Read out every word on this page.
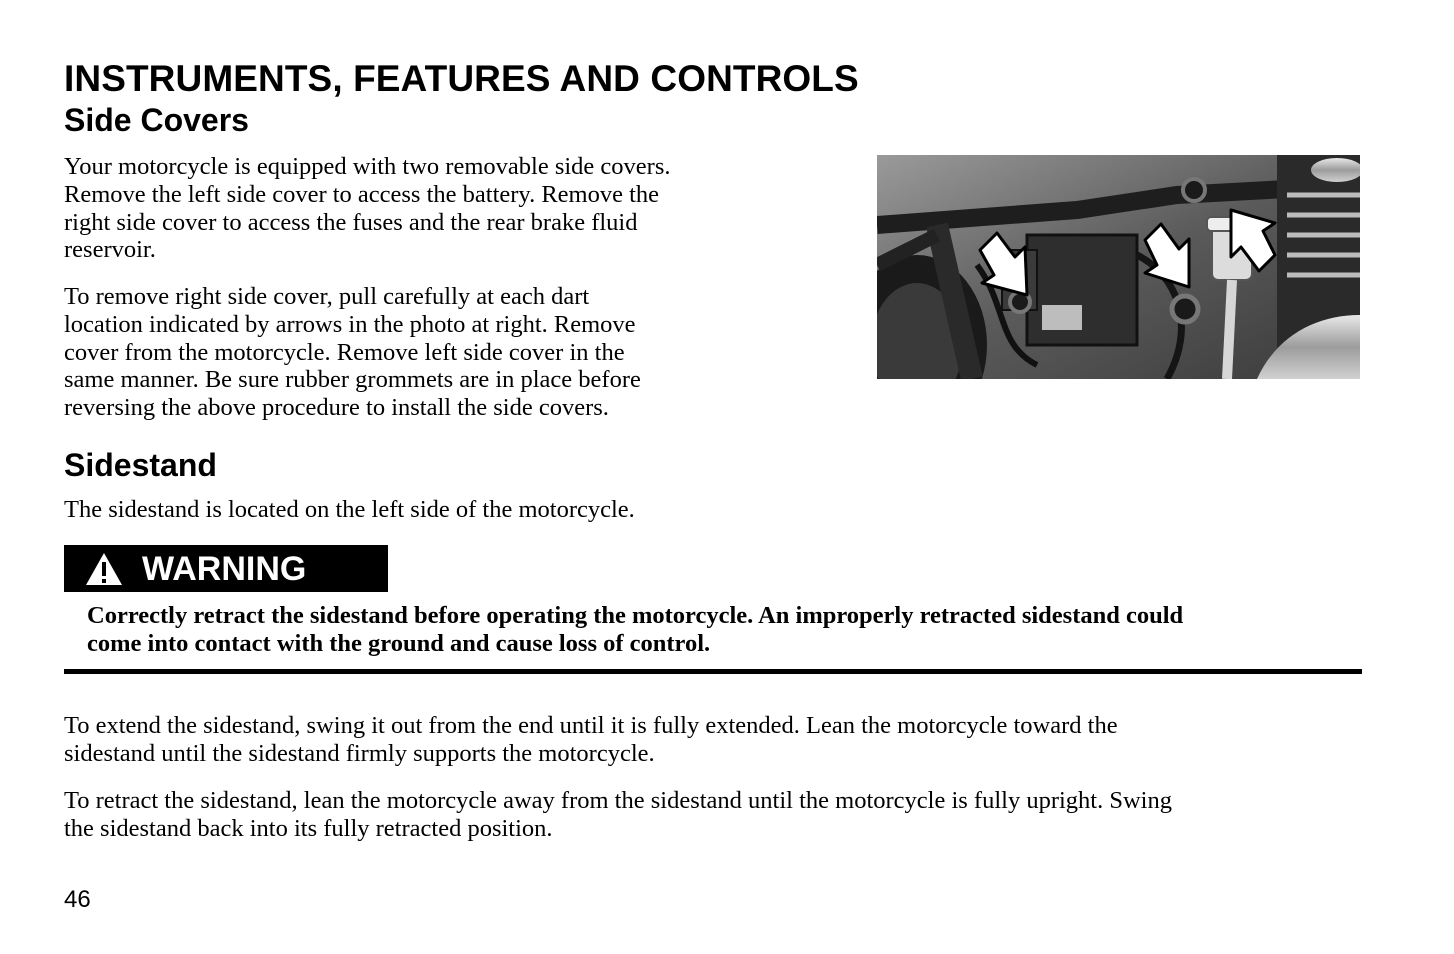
INSTRUMENTS, FEATURES AND CONTROLS
Side Covers

Your motorcycle is equipped with two removable side covers.
Remove the left side cover to access the battery. Remove the
right side cover to access the fuses and the rear brake fluid
reservoir.

To remove right side cover, pull carefully at each dart
location indicated by arrows in the photo at right. Remove
cover from the motorcycle. Remove left side cover in the
same manner. Be sure rubber grommets are in place before
reversing the above procedure to install the side covers.

Sidestand

The sidestand is located on the left side of the motorcycle.

WARNING

Correctly retract the sidestand before operating the motorcycle. An improperly retracted sidestand could
come into contact with the ground and cause loss of control.

To extend the sidestand, swing it out from the end until it is fully extended. Lean the motorcycle toward the
sidestand until the sidestand firmly supports the motorcycle.

To retract the sidestand, lean the motorcycle away from the sidestand until the motorcycle is fully upright. Swing
the sidestand back into its fully retracted position.

46
